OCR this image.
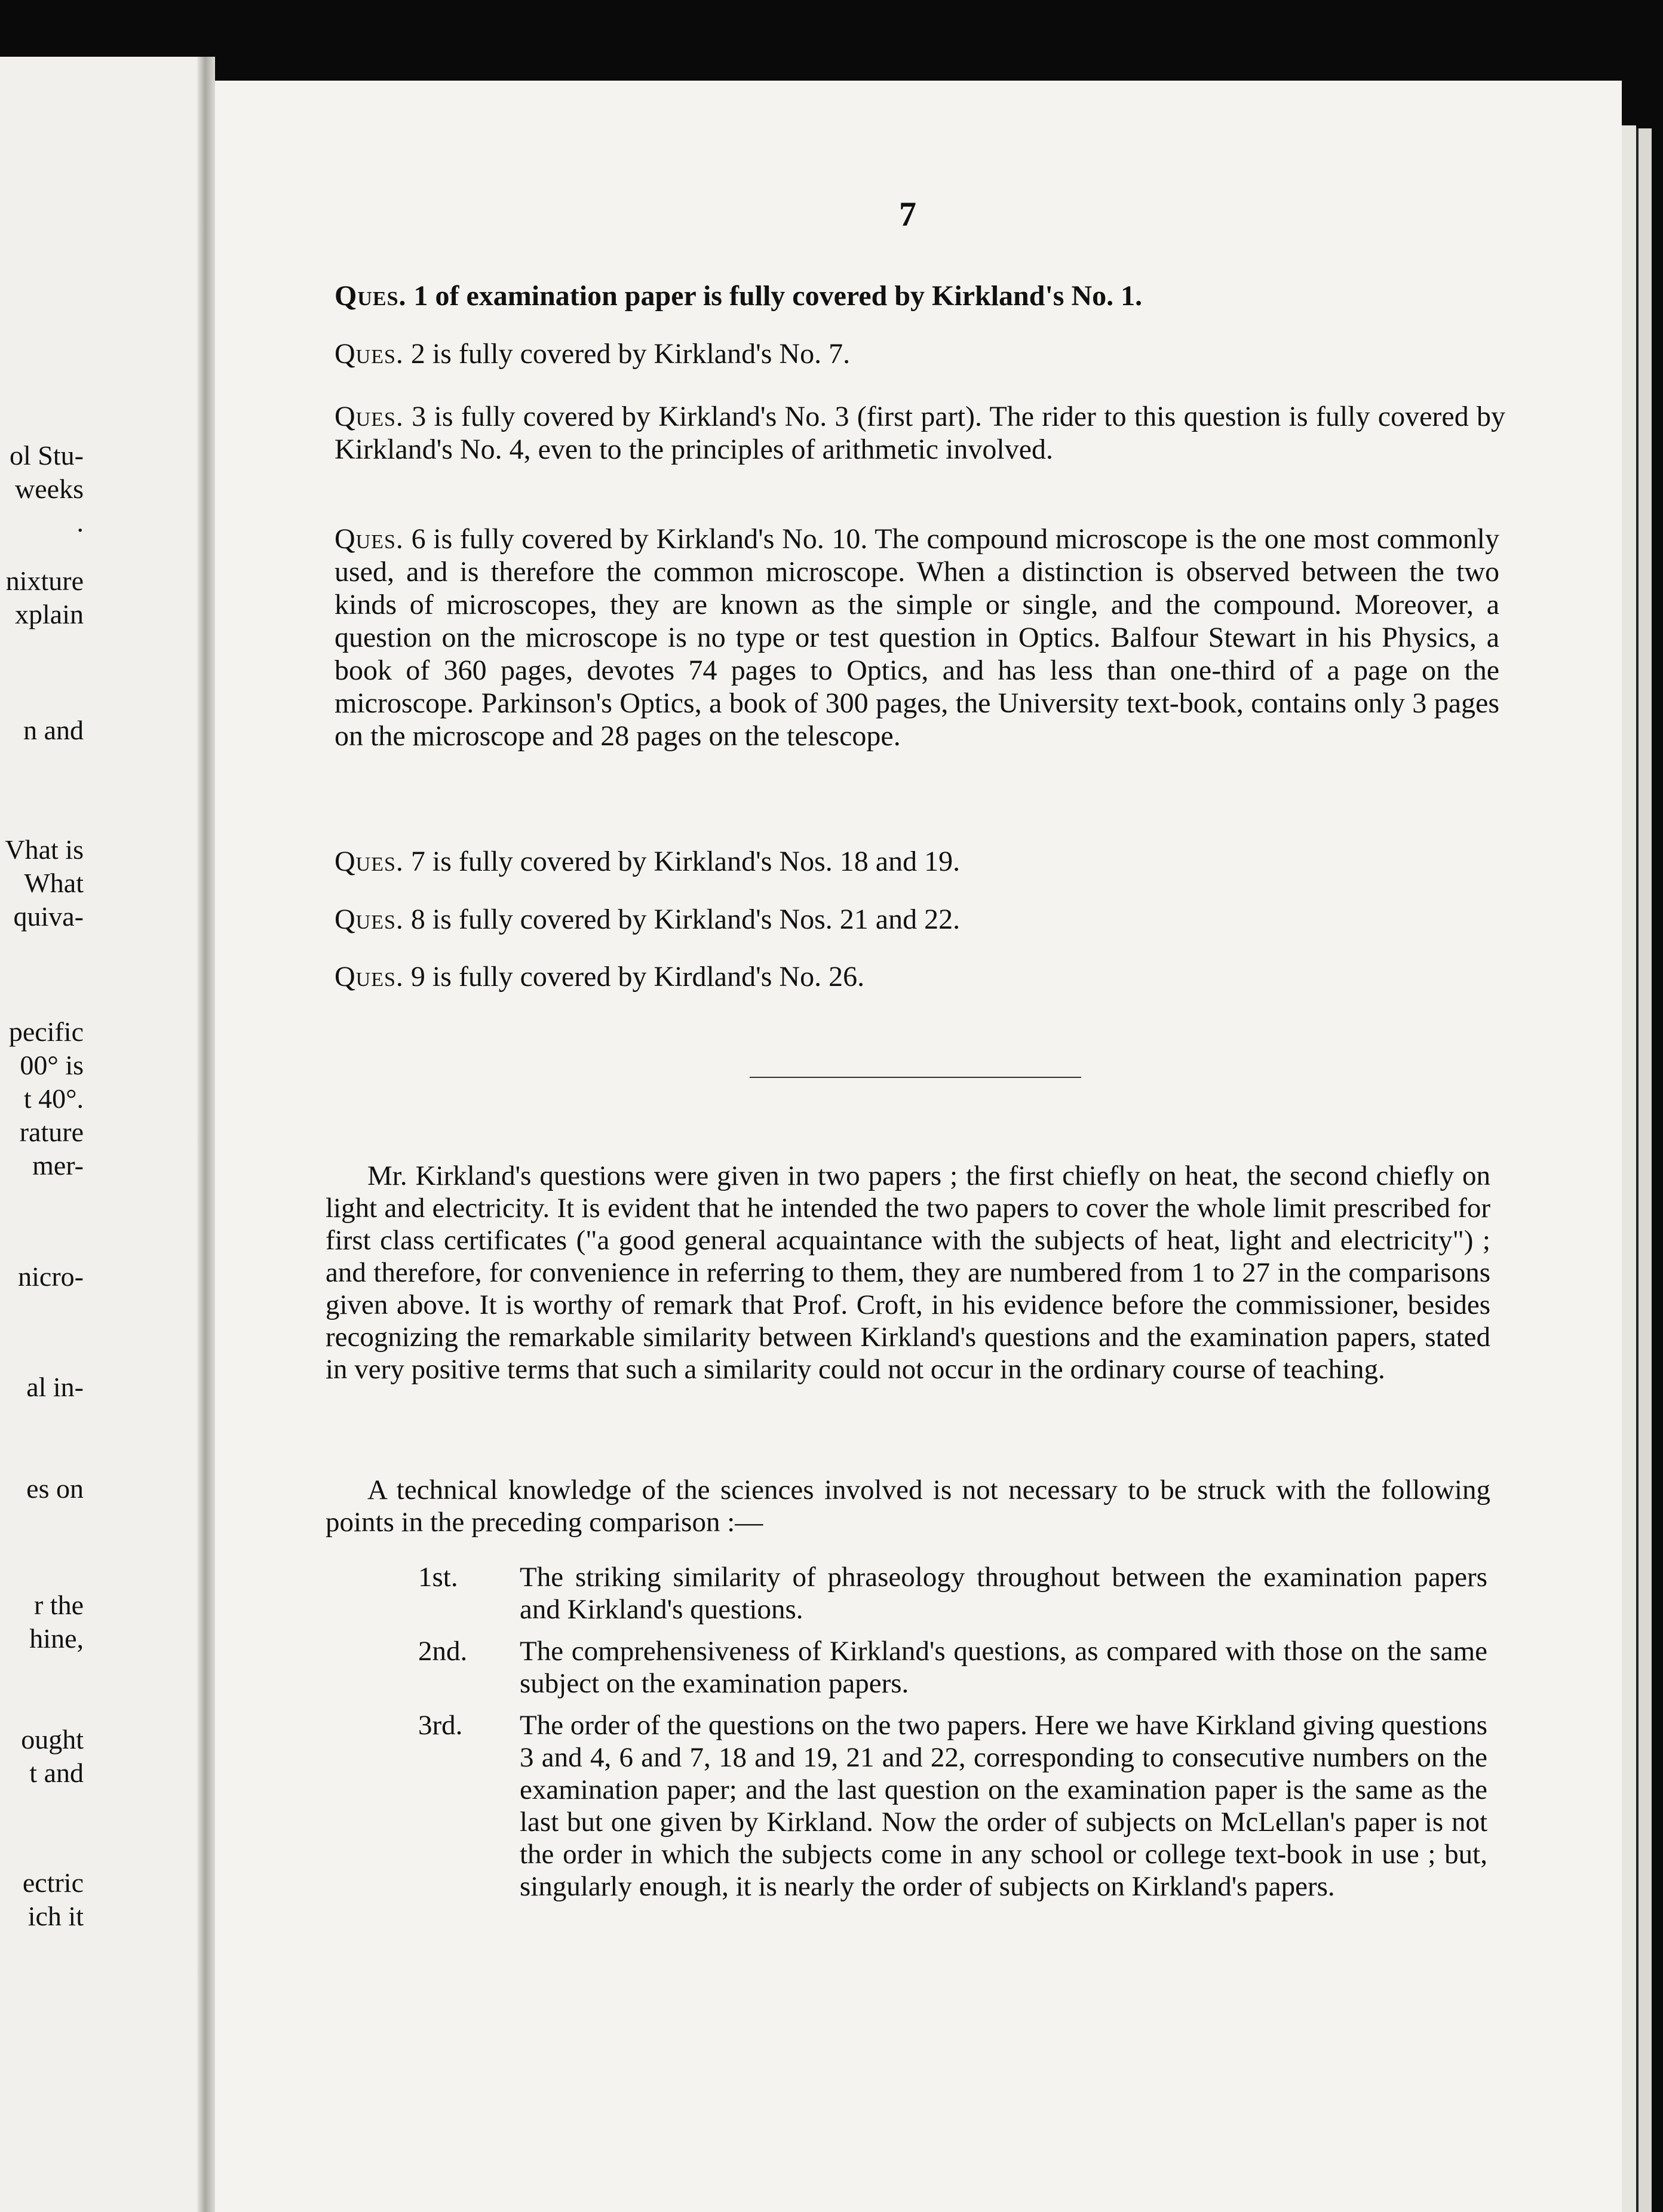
ol Stu-
weeks
.
nixture
xplain
n and
Vhat is
What
quiva-
pecific
00° is
t 40°.
rature
mer-
nicro-
al in-
es on
r the
hine,
ought
t and
ectric
ich it
7
Ques. 1 of examination paper is fully covered by Kirkland's No. 1.
Ques. 2 is fully covered by Kirkland's No. 7.
Ques. 3 is fully covered by Kirkland's No. 3 (first part). The rider to this question is fully covered by Kirkland's No. 4, even to the principles of arithmetic involved.
Ques. 6 is fully covered by Kirkland's No. 10. The compound microscope is the one most commonly used, and is therefore the common microscope. When a distinction is observed between the two kinds of microscopes, they are known as the simple or single, and the compound. Moreover, a question on the microscope is no type or test question in Optics. Balfour Stewart in his Physics, a book of 360 pages, devotes 74 pages to Optics, and has less than one-third of a page on the microscope. Parkinson's Optics, a book of 300 pages, the University text-book, contains only 3 pages on the microscope and 28 pages on the telescope.
Ques. 7 is fully covered by Kirkland's Nos. 18 and 19.
Ques. 8 is fully covered by Kirkland's Nos. 21 and 22.
Ques. 9 is fully covered by Kirdland's No. 26.
Mr. Kirkland's questions were given in two papers ; the first chiefly on heat, the second chiefly on light and electricity. It is evident that he intended the two papers to cover the whole limit prescribed for first class certificates ("a good general acquaintance with the subjects of heat, light and electricity") ; and therefore, for convenience in referring to them, they are numbered from 1 to 27 in the comparisons given above. It is worthy of remark that Prof. Croft, in his evidence before the commissioner, besides recognizing the remarkable similarity between Kirkland's questions and the examination papers, stated in very positive terms that such a similarity could not occur in the ordinary course of teaching.
A technical knowledge of the sciences involved is not necessary to be struck with the following points in the preceding comparison :—
1st.	The striking similarity of phraseology throughout between the examination papers and Kirkland's questions.
2nd.	The comprehensiveness of Kirkland's questions, as compared with those on the same subject on the examination papers.
3rd.	The order of the questions on the two papers. Here we have Kirkland giving questions 3 and 4, 6 and 7, 18 and 19, 21 and 22, corresponding to consecutive numbers on the examination paper; and the last question on the examination paper is the same as the last but one given by Kirkland. Now the order of subjects on McLellan's paper is not the order in which the subjects come in any school or college text-book in use ; but, singularly enough, it is nearly the order of subjects on Kirkland's papers.
